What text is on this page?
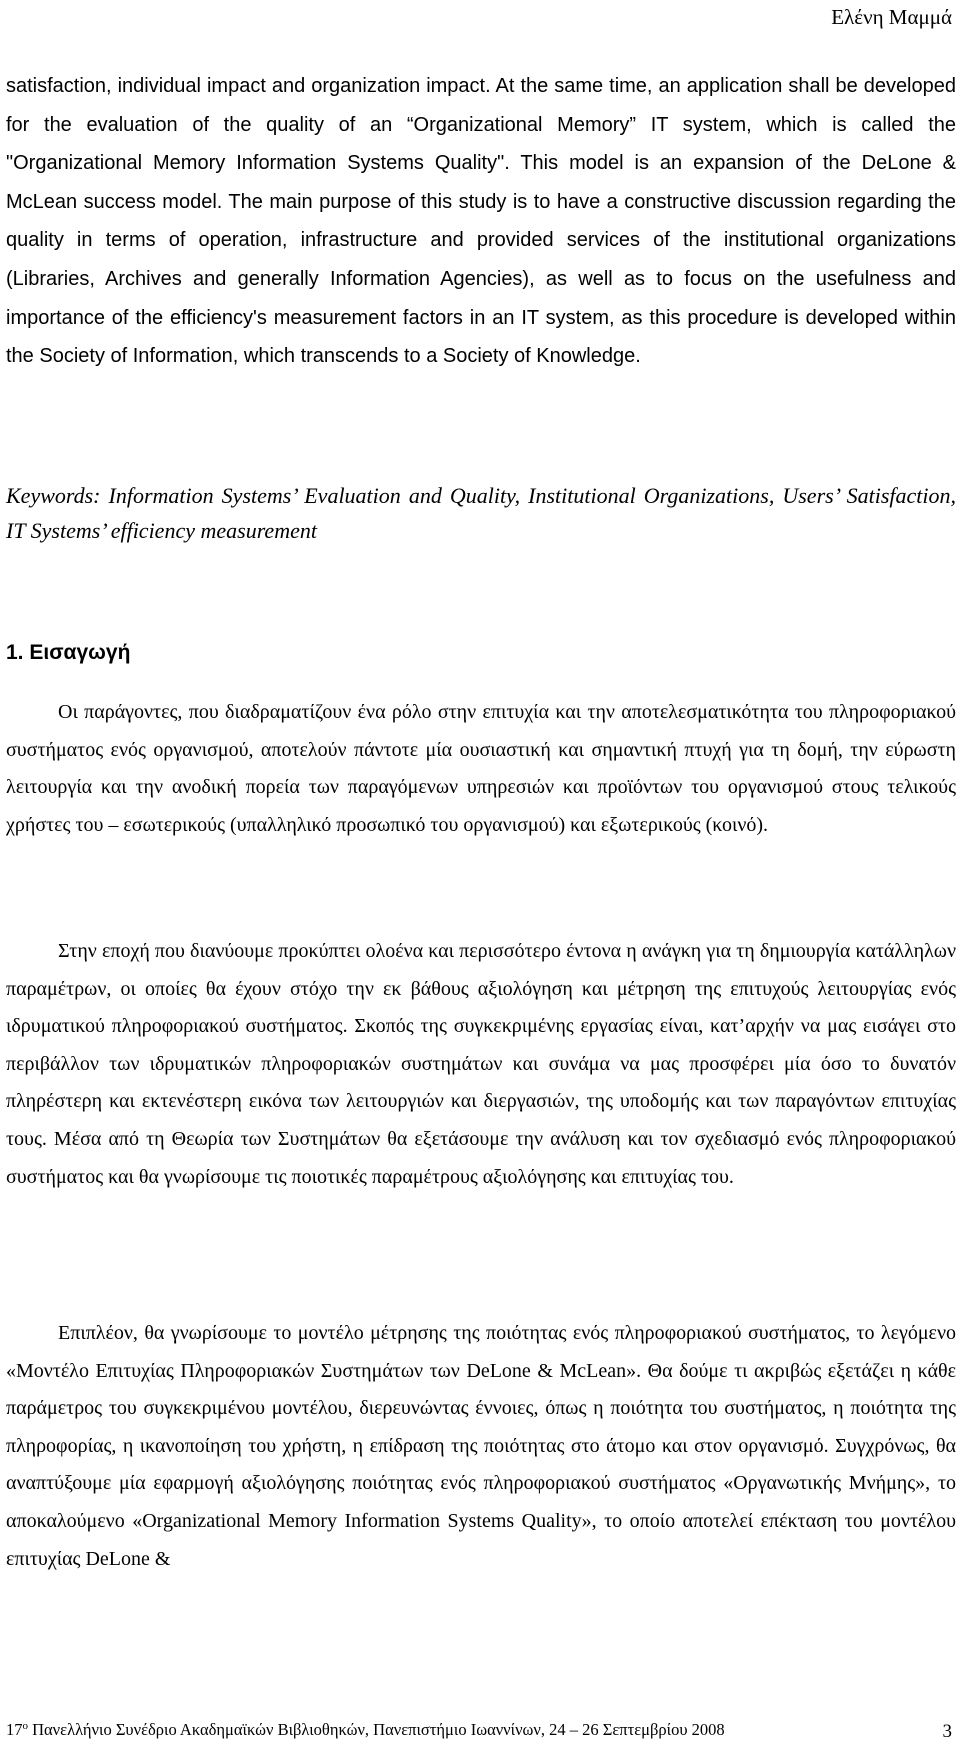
Ελένη Μαμμά
satisfaction, individual impact and organization impact. At the same time, an application shall be developed for the evaluation of the quality of an “Organizational Memory” IT system, which is called the "Organizational Memory Information Systems Quality". This model is an expansion of the DeLone & McLean success model. The main purpose of this study is to have a constructive discussion regarding the quality in terms of operation, infrastructure and provided services of the institutional organizations (Libraries, Archives and generally Information Agencies), as well as to focus on the usefulness and importance of the efficiency's measurement factors in an IT system, as this procedure is developed within the Society of Information, which transcends to a Society of Knowledge.
Keywords: Information Systems’ Evaluation and Quality, Institutional Organizations, Users’ Satisfaction, IT Systems’ efficiency measurement
1. Εισαγωγή

Οι παράγοντες, που διαδραματίζουν ένα ρόλο στην επιτυχία και την αποτελεσματικότητα του πληροφοριακού συστήματος ενός οργανισμού, αποτελούν πάντοτε μία ουσιαστική και σημαντική πτυχή για τη δομή, την εύρωστη λειτουργία και την ανοδική πορεία των παραγόμενων υπηρεσιών και προϊόντων του οργανισμού στους τελικούς χρήστες του – εσωτερικούς (υπαλληλικό προσωπικό του οργανισμού) και εξωτερικούς (κοινό).

Στην εποχή που διανύουμε προκύπτει ολοένα και περισσότερο έντονα η ανάγκη για τη δημιουργία κατάλληλων παραμέτρων, οι οποίες θα έχουν στόχο την εκ βάθους αξιολόγηση και μέτρηση της επιτυχούς λειτουργίας ενός ιδρυματικού πληροφοριακού συστήματος. Σκοπός της συγκεκριμένης εργασίας είναι, κατ’αρχήν να μας εισάγει στο περιβάλλον των ιδρυματικών πληροφοριακών συστημάτων και συνάμα να μας προσφέρει μία όσο το δυνατόν πληρέστερη και εκτενέστερη εικόνα των λειτουργιών και διεργασιών, της υποδομής και των παραγόντων επιτυχίας τους. Μέσα από τη Θεωρία των Συστημάτων θα εξετάσουμε την ανάλυση και τον σχεδιασμό ενός πληροφοριακού συστήματος και θα γνωρίσουμε τις ποιοτικές παραμέτρους αξιολόγησης και επιτυχίας του.

Επιπλέον, θα γνωρίσουμε το μοντέλο μέτρησης της ποιότητας ενός πληροφοριακού συστήματος, το λεγόμενο «Μοντέλο Επιτυχίας Πληροφοριακών Συστημάτων των DeLone & McLean». Θα δούμε τι ακριβώς εξετάζει η κάθε παράμετρος του συγκεκριμένου μοντέλου, διερευνώντας έννοιες, όπως η ποιότητα του συστήματος, η ποιότητα της πληροφορίας, η ικανοποίηση του χρήστη, η επίδραση της ποιότητας στο άτομο και στον οργανισμό. Συγχρόνως, θα αναπτύξουμε μία εφαρμογή αξιολόγησης ποιότητας ενός πληροφοριακού συστήματος «Οργανωτικής Μνήμης», το αποκαλούμενο «Organizational Memory Information Systems Quality», το οποίο αποτελεί επέκταση του μοντέλου επιτυχίας DeLone &

$17^o$ Πανελλήνιο Συνέδριο Ακαδημαϊκών Βιβλιοθηκών, Πανεπιστήμιο Ιωαννίνων, 24 – 26 Σεπτεμβρίου 2008	3
